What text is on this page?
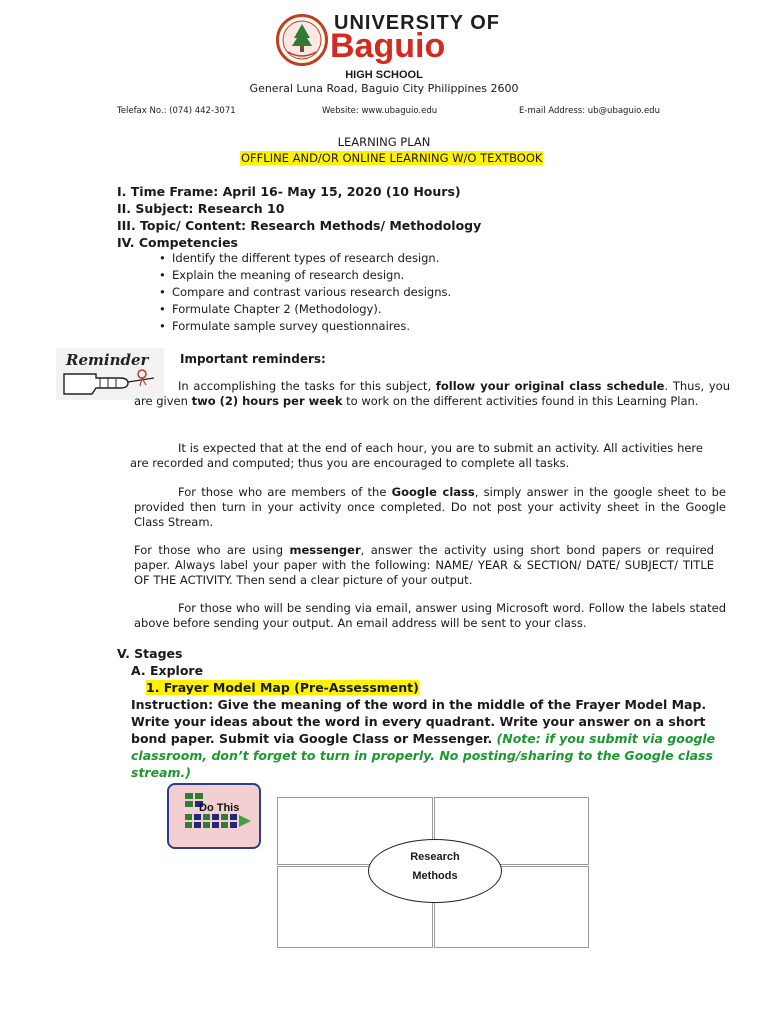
UNIVERSITY OF
Baguio
HIGH SCHOOL
General Luna Road, Baguio City Philippines 2600
Telefax No.: (074) 442-3071	Website: www.ubaguio.edu	E-mail Address: ub@ubaguio.edu
LEARNING PLAN
OFFLINE AND/OR ONLINE LEARNING W/O TEXTBOOK
I. Time Frame: April 16- May 15, 2020 (10 Hours)
II. Subject: Research 10
III. Topic/ Content: Research Methods/ Methodology
IV. Competencies
• Identify the different types of research design.
• Explain the meaning of research design.
• Compare and contrast various research designs.
• Formulate Chapter 2 (Methodology).
• Formulate sample survey questionnaires.
Reminder	Important reminders:
In accomplishing the tasks for this subject, follow your original class schedule. Thus, you are given two (2) hours per week to work on the different activities found in this Learning Plan.
It is expected that at the end of each hour, you are to submit an activity. All activities here are recorded and computed; thus you are encouraged to complete all tasks.
For those who are members of the Google class, simply answer in the google sheet to be provided then turn in your activity once completed. Do not post your activity sheet in the Google Class Stream.
For those who are using messenger, answer the activity using short bond papers or required paper. Always label your paper with the following: NAME/ YEAR & SECTION/ DATE/ SUBJECT/ TITLE OF THE ACTIVITY. Then send a clear picture of your output.
For those who will be sending via email, answer using Microsoft word. Follow the labels stated above before sending your output. An email address will be sent to your class.
V. Stages
A. Explore
1. Frayer Model Map (Pre-Assessment)
Instruction: Give the meaning of the word in the middle of the Frayer Model Map. Write your ideas about the word in every quadrant. Write your answer on a short bond paper. Submit via Google Class or Messenger. (Note: if you submit via google classroom, don’t forget to turn in properly. No posting/sharing to the Google class stream.)
Do This
Research
Methods
